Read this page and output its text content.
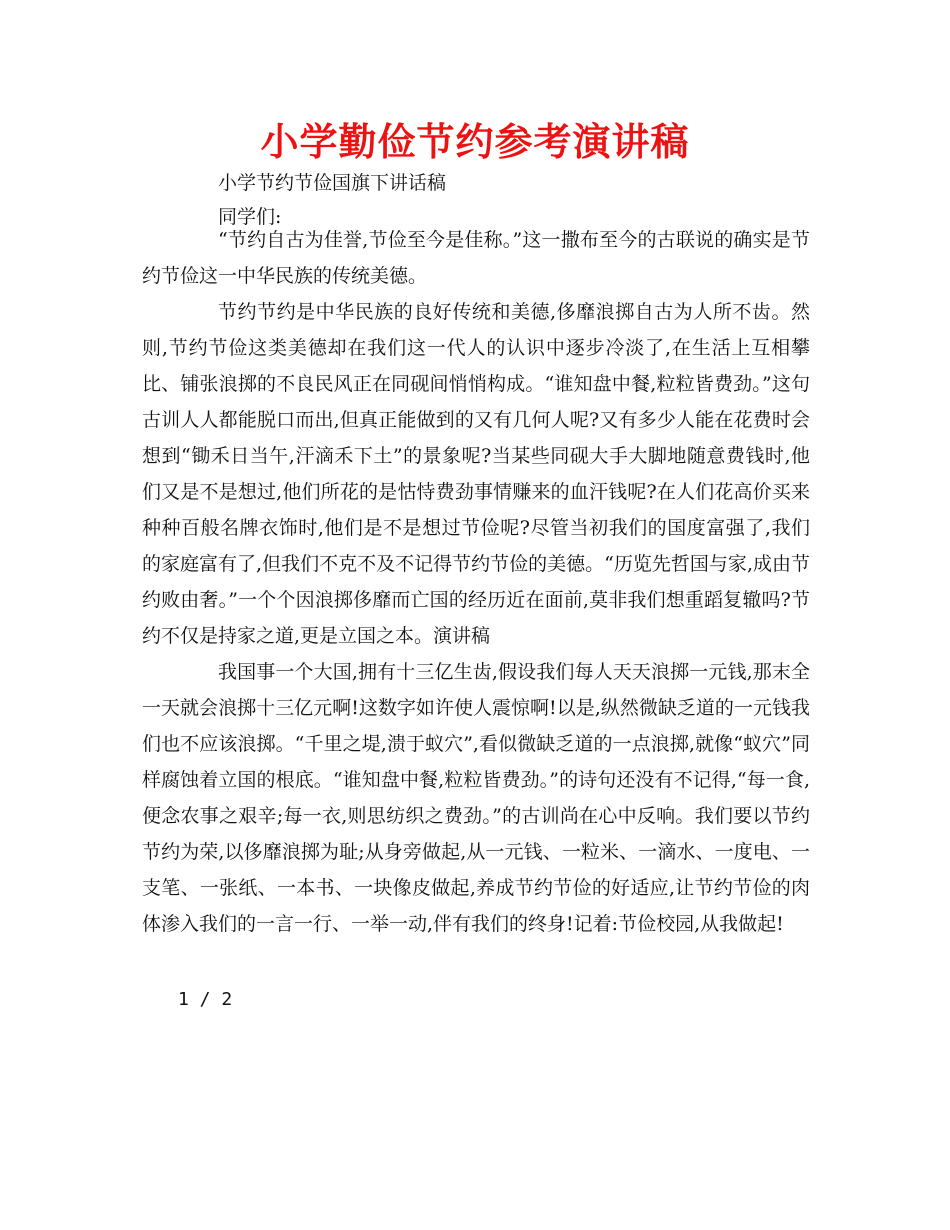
小学勤俭节约参考演讲稿
小学节约节俭国旗下讲话稿
同学们:

“节约自古为佳誉,节俭至今是佳称。”这一撒布至今的古联说的确实是节约节俭这一中华民族的传统美德。

节约节约是中华民族的良好传统和美德,侈靡浪掷自古为人所不齿。然则,节约节俭这类美德却在我们这一代人的认识中逐步冷淡了,在生活上互相攀比、铺张浪掷的不良民风正在同砚间悄悄构成。“谁知盘中餐,粒粒皆费劲。”这句古训人人都能脱口而出,但真正能做到的又有几何人呢?又有多少人能在花费时会想到“锄禾日当午,汗滴禾下土”的景象呢?当某些同砚大手大脚地随意费钱时,他们又是不是想过,他们所花的是怙恃费劲事情赚来的血汗钱呢?在人们花高价买来种种百般名牌衣饰时,他们是不是想过节俭呢?尽管当初我们的国度富强了,我们的家庭富有了,但我们不克不及不记得节约节俭的美德。“历览先哲国与家,成由节约败由奢。”一个个因浪掷侈靡而亡国的经历近在面前,莫非我们想重蹈复辙吗?节约不仅是持家之道,更是立国之本。演讲稿

我国事一个大国,拥有十三亿生齿,假设我们每人天天浪掷一元钱,那末全一天就会浪掷十三亿元啊!这数字如许使人震惊啊!以是,纵然微缺乏道的一元钱我们也不应该浪掷。“千里之堤,溃于蚁穴”,看似微缺乏道的一点浪掷,就像“蚁穴”同样腐蚀着立国的根底。“谁知盘中餐,粒粒皆费劲。”的诗句还没有不记得,“每一食,便念农事之艰辛;每一衣,则思纺织之费劲。”的古训尚在心中反响。我们要以节约节约为荣,以侈靡浪掷为耻;从身旁做起,从一元钱、一粒米、一滴水、一度电、一支笔、一张纸、一本书、一块像皮做起,养成节约节俭的好适应,让节约节俭的肉体渗入我们的一言一行、一举一动,伴有我们的终身!记着:节俭校园,从我做起!

1 / 2
